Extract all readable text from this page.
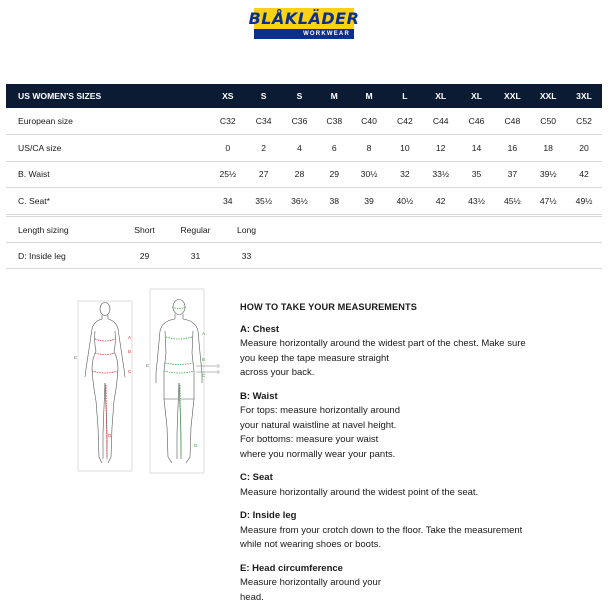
BLÅKLÄDER
WORKWEAR
US WOMEN'S SIZES	XS	S	S	M	M	L	XL	XL	XXL	XXL	3XL
European size	C32	C34	C36	C38	C40	C42	C44	C46	C48	C50	C52
US/CA size	0	2	4	6	8	10	12	14	16	18	20
B. Waist	25½	27	28	29	30½	32	33½	35	37	39½	42
C. Seat*	34	35½	36½	38	39	40½	42	43½	45½	47½	49½
Length sizing	Short	Regular	Long	
D: Inside leg	29	31	33	
A
B
C
D
E
A
B
C
D
E
HOW TO TAKE YOUR MEASUREMENTS
A: Chest
Measure horizontally around the widest part of the chest. Make sure
you keep the tape measure straight
across your back.
B: Waist
For tops: measure horizontally around
your natural waistline at navel height.
For bottoms: measure your waist
where you normally wear your pants.
C: Seat
Measure horizontally around the widest point of the seat.
D: Inside leg
Measure from your crotch down to the floor. Take the measurement
while not wearing shoes or boots.
E: Head circumference
Measure horizontally around your
head.
